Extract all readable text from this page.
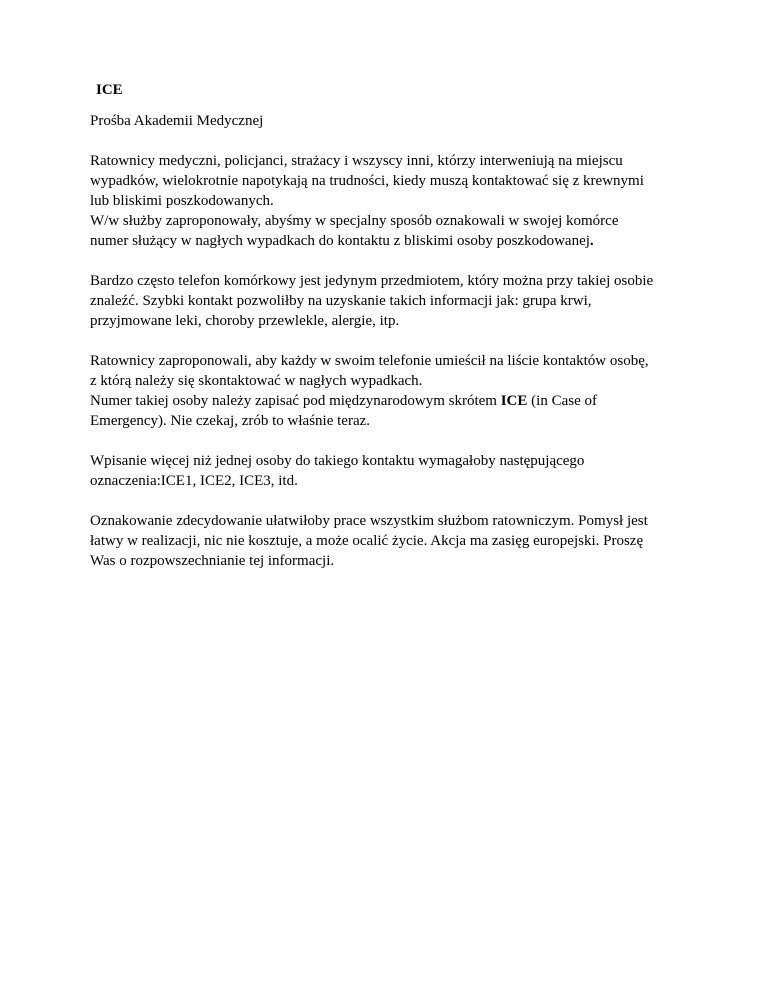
ICE
Prośba Akademii Medycznej
Ratownicy medyczni, policjanci, strażacy i wszyscy inni, którzy interweniują na miejscu
wypadków, wielokrotnie napotykają na trudności, kiedy muszą kontaktować się z krewnymi
lub bliskimi poszkodowanych.
W/w służby zaproponowały, abyśmy w specjalny sposób oznakowali w swojej komórce
numer służący w nagłych wypadkach do kontaktu z bliskimi osoby poszkodowanej.
Bardzo często telefon komórkowy jest jedynym przedmiotem, który można przy takiej osobie
znaleźć. Szybki kontakt pozwoliłby na uzyskanie takich informacji jak: grupa krwi,
przyjmowane leki, choroby przewlekle, alergie, itp.
Ratownicy zaproponowali, aby każdy w swoim telefonie umieścił na liście kontaktów osobę,
z którą należy się skontaktować w nagłych wypadkach.
Numer takiej osoby należy zapisać pod międzynarodowym skrótem ICE (in Case of
Emergency). Nie czekaj, zrób to właśnie teraz.
Wpisanie więcej niż jednej osoby do takiego kontaktu wymagałoby następującego
oznaczenia:ICE1, ICE2, ICE3, itd.
Oznakowanie zdecydowanie ułatwiłoby prace wszystkim służbom ratowniczym. Pomysł jest
łatwy w realizacji, nic nie kosztuje, a może ocalić życie. Akcja ma zasięg europejski. Proszę
Was o rozpowszechnianie tej informacji.
